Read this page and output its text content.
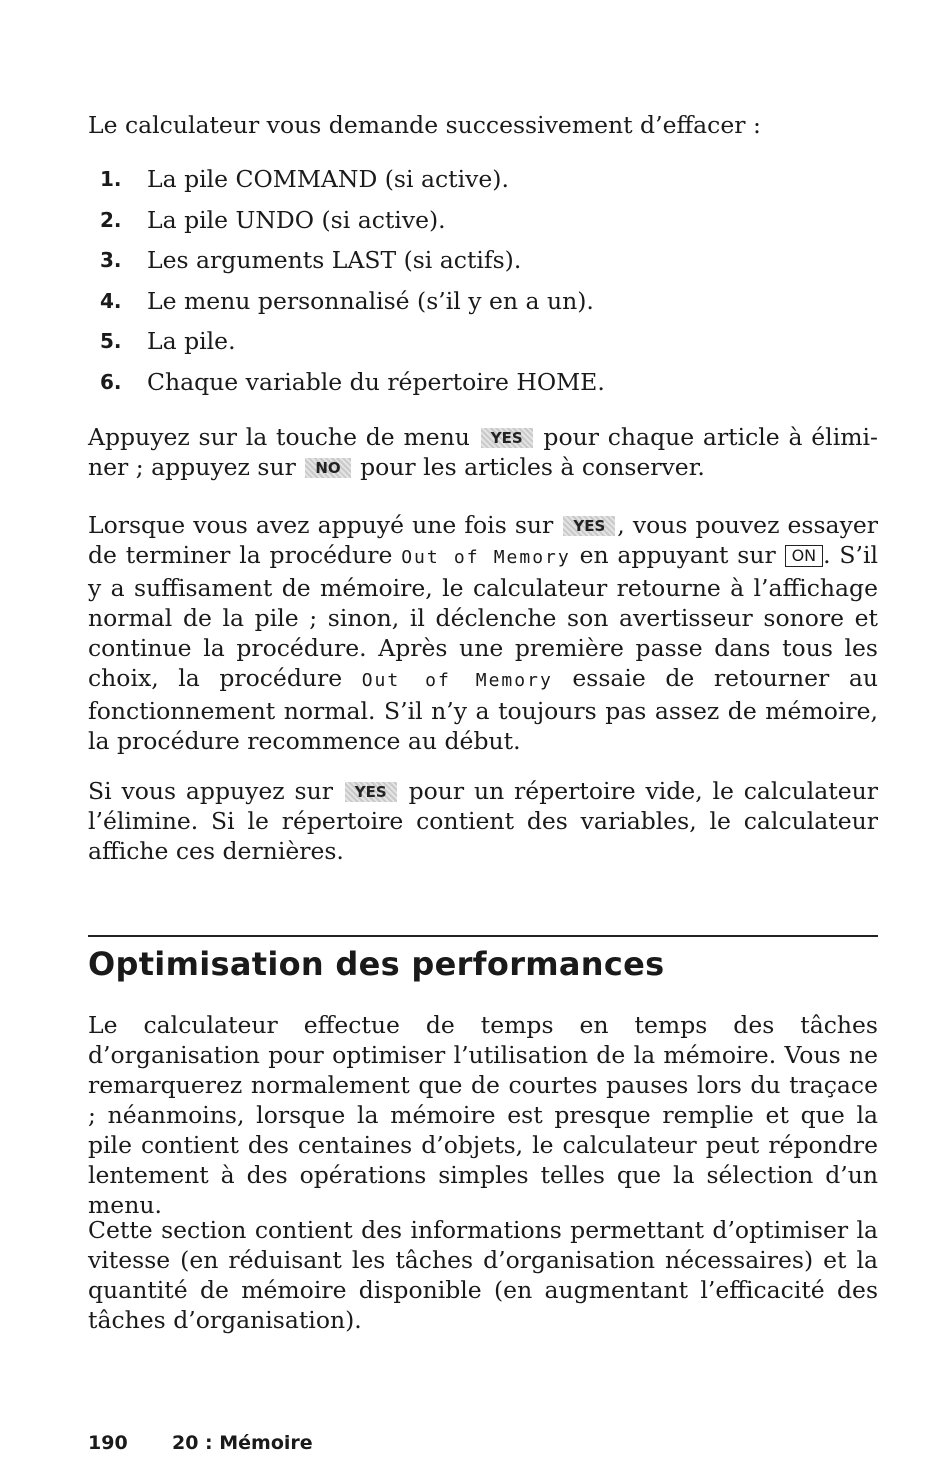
Le calculateur vous demande successivement d’effacer :

1.	La pile COMMAND (si active).
2.	La pile UNDO (si active).
3.	Les arguments LAST (si actifs).
4.	Le menu personnalisé (s’il y en a un).
5.	La pile.
6.	Chaque variable du répertoire HOME.

Appuyez sur la touche de menu YES pour chaque article à éliminer ; appuyez sur NO pour les articles à conserver.

Lorsque vous avez appuyé une fois sur YES , vous pouvez essayer de terminer la procédure Out of Memory en appuyant sur ON . S’il y a suffisament de mémoire, le calculateur retourne à l’affichage normal de la pile ; sinon, il déclenche son avertisseur sonore et continue la procédure. Après une première passe dans tous les choix, la procédure Out of Memory essaie de retourner au fonctionnement normal. S’il n’y a toujours pas assez de mémoire, la procédure recommence au début.

Si vous appuyez sur YES pour un répertoire vide, le calculateur l’élimine. Si le répertoire contient des variables, le calculateur affiche ces dernières.

Optimisation des performances

Le calculateur effectue de temps en temps des tâches d’organisation pour optimiser l’utilisation de la mémoire. Vous ne remarquerez normalement que de courtes pauses lors du traçace ; néanmoins, lorsque la mémoire est presque remplie et que la pile contient des centaines d’objets, le calculateur peut répondre lentement à des opérations simples telles que la sélection d’un menu.

Cette section contient des informations permettant d’optimiser la vitesse (en réduisant les tâches d’organisation nécessaires) et la quantité de mémoire disponible (en augmentant l’efficacité des tâches d’organisation).

190 20 : Mémoire
